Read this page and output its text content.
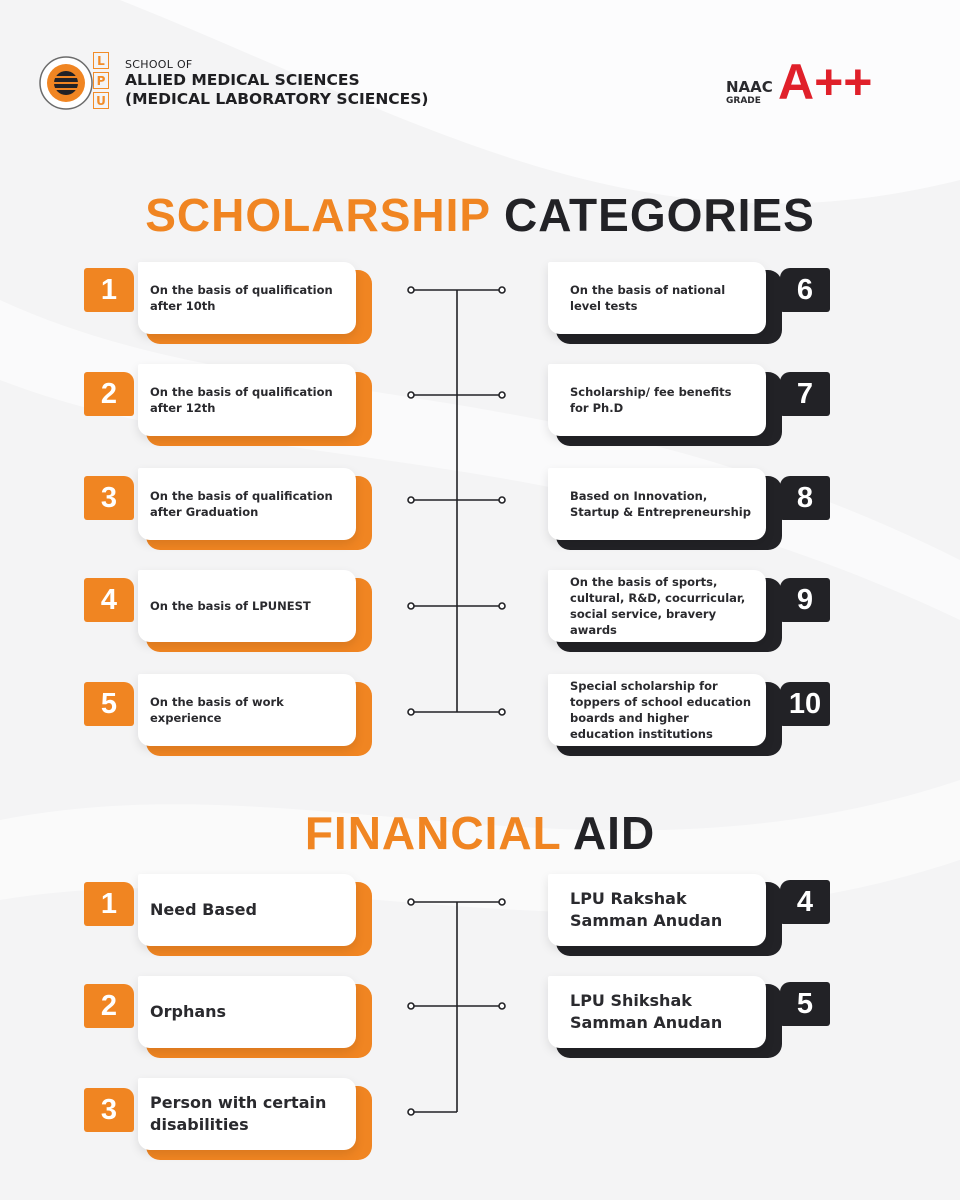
L
P
U
SCHOOL OF
ALLIED MEDICAL SCIENCES
(MEDICAL LABORATORY SCIENCES)
NAAC
GRADE A++
SCHOLARSHIP CATEGORIES
On the basis of qualification after 10th
1
On the basis of qualification after 12th
2
On the basis of qualification after Graduation
3
On the basis of LPUNEST
4
On the basis of work experience
5
On the basis of national level tests	6
Scholarship/ fee benefits for Ph.D	7
Based on Innovation, Startup & Entrepreneurship	8
On the basis of sports, cultural, R&D, cocurricular, social service, bravery awards
9
Special scholarship for toppers of school education boards and higher education institutions
10
FINANCIAL AID
Need Based
1
Orphans
2
Person with certain disabilities
3
LPU Rakshak Samman Anudan
4
LPU Shikshak Samman Anudan
5
